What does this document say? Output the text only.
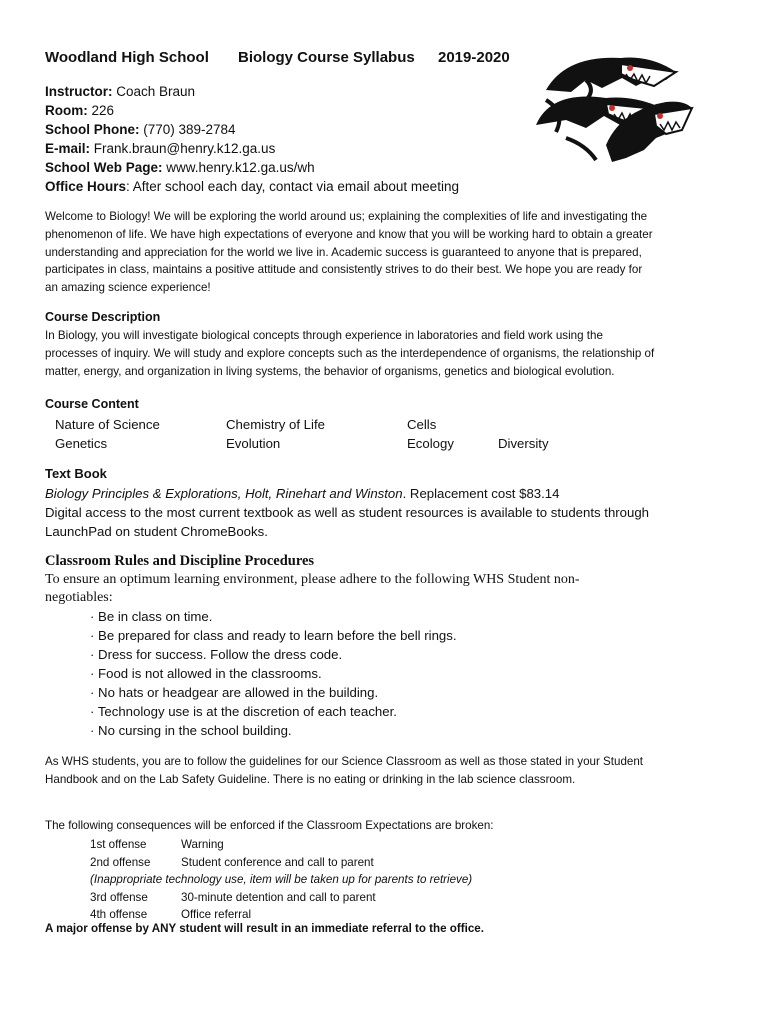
Woodland High School Biology Course Syllabus 2019-2020
Instructor: Coach Braun
Room: 226
School Phone: (770) 389-2784
E-mail: Frank.braun@henry.k12.ga.us
School Web Page: www.henry.k12.ga.us/wh
Office Hours: After school each day, contact via email about meeting
Welcome to Biology! We will be exploring the world around us; explaining the complexities of life and investigating the phenomenon of life. We have high expectations of everyone and know that you will be working hard to obtain a greater understanding and appreciation for the world we live in. Academic success is guaranteed to anyone that is prepared, participates in class, maintains a positive attitude and consistently strives to do their best. We hope you are ready for an amazing science experience!
Course Description
In Biology, you will investigate biological concepts through experience in laboratories and field work using the processes of inquiry. We will study and explore concepts such as the interdependence of organisms, the relationship of matter, energy, and organization in living systems, the behavior of organisms, genetics and biological evolution.
Course Content
Nature of Science	Chemistry of Life	Cells
Genetics	Evolution	Ecology	Diversity
Text Book
Biology Principles & Explorations, Holt, Rinehart and Winston. Replacement cost $83.14
Digital access to the most current textbook as well as student resources is available to students through LaunchPad on student ChromeBooks.
Classroom Rules and Discipline Procedures
To ensure an optimum learning environment, please adhere to the following WHS Student non-negotiables:
· Be in class on time.
· Be prepared for class and ready to learn before the bell rings.
· Dress for success. Follow the dress code.
· Food is not allowed in the classrooms.
· No hats or headgear are allowed in the building.
· Technology use is at the discretion of each teacher.
· No cursing in the school building.
As WHS students, you are to follow the guidelines for our Science Classroom as well as those stated in your Student Handbook and on the Lab Safety Guideline. There is no eating or drinking in the lab science classroom.
The following consequences will be enforced if the Classroom Expectations are broken:
1st offense	Warning
2nd offense	Student conference and call to parent
(Inappropriate technology use, item will be taken up for parents to retrieve)
3rd offense	30-minute detention and call to parent
4th offense	Office referral
A major offense by ANY student will result in an immediate referral to the office.
